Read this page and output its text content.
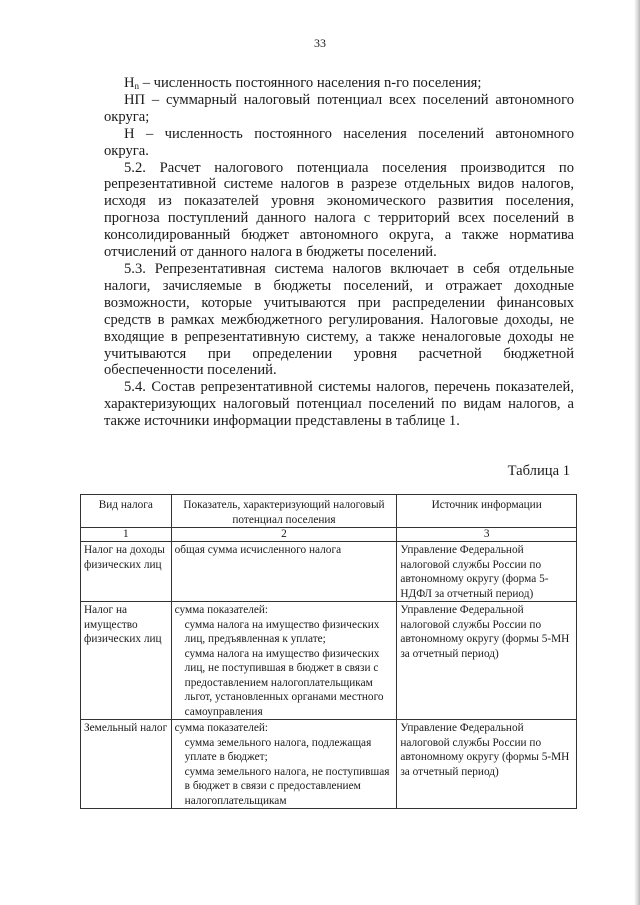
33

$Н_n$ – численность постоянного населения n-го поселения;

НП – суммарный налоговый потенциал всех поселений автономного округа;

Н – численность постоянного населения поселений автономного округа.

5.2. Расчет налогового потенциала поселения производится по репрезентативной системе налогов в разрезе отдельных видов налогов, исходя из показателей уровня экономического развития поселения, прогноза поступлений данного налога с территорий всех поселений в консолидированный бюджет автономного округа, а также норматива отчислений от данного налога в бюджеты поселений.

5.3. Репрезентативная система налогов включает в себя отдельные налоги, зачисляемые в бюджеты поселений, и отражает доходные возможности, которые учитываются при распределении финансовых средств в рамках межбюджетного регулирования. Налоговые доходы, не входящие в репрезентативную систему, а также неналоговые доходы не учитываются при определении уровня расчетной бюджетной обеспеченности поселений.

5.4. Состав репрезентативной системы налогов, перечень показателей, характеризующих налоговый потенциал поселений по видам налогов, а также источники информации представлены в таблице 1.

Таблица 1
Вид налога	Показатель, характеризующий налоговый потенциал поселения	Источник информации
1	2	3
Налог на доходы физических лиц	общая сумма исчисленного налога	Управление Федеральной налоговой службы России по автономному округу (форма 5-НДФЛ за отчетный период)
Налог на имущество физических лиц	сумма показателей:
сумма налога на имущество физических лиц, предъявленная к уплате;
сумма налога на имущество физических лиц, не поступившая в бюджет в связи с предоставлением налогоплательщикам льгот, установленных органами местного самоуправления	Управление Федеральной налоговой службы России по автономному округу (формы 5-МН за отчетный период)
Земельный налог	сумма показателей:
сумма земельного налога, подлежащая уплате в бюджет;
сумма земельного налога, не поступившая в бюджет в связи с предоставлением налогоплательщикам	Управление Федеральной налоговой службы России по автономному округу (формы 5-МН за отчетный период)
